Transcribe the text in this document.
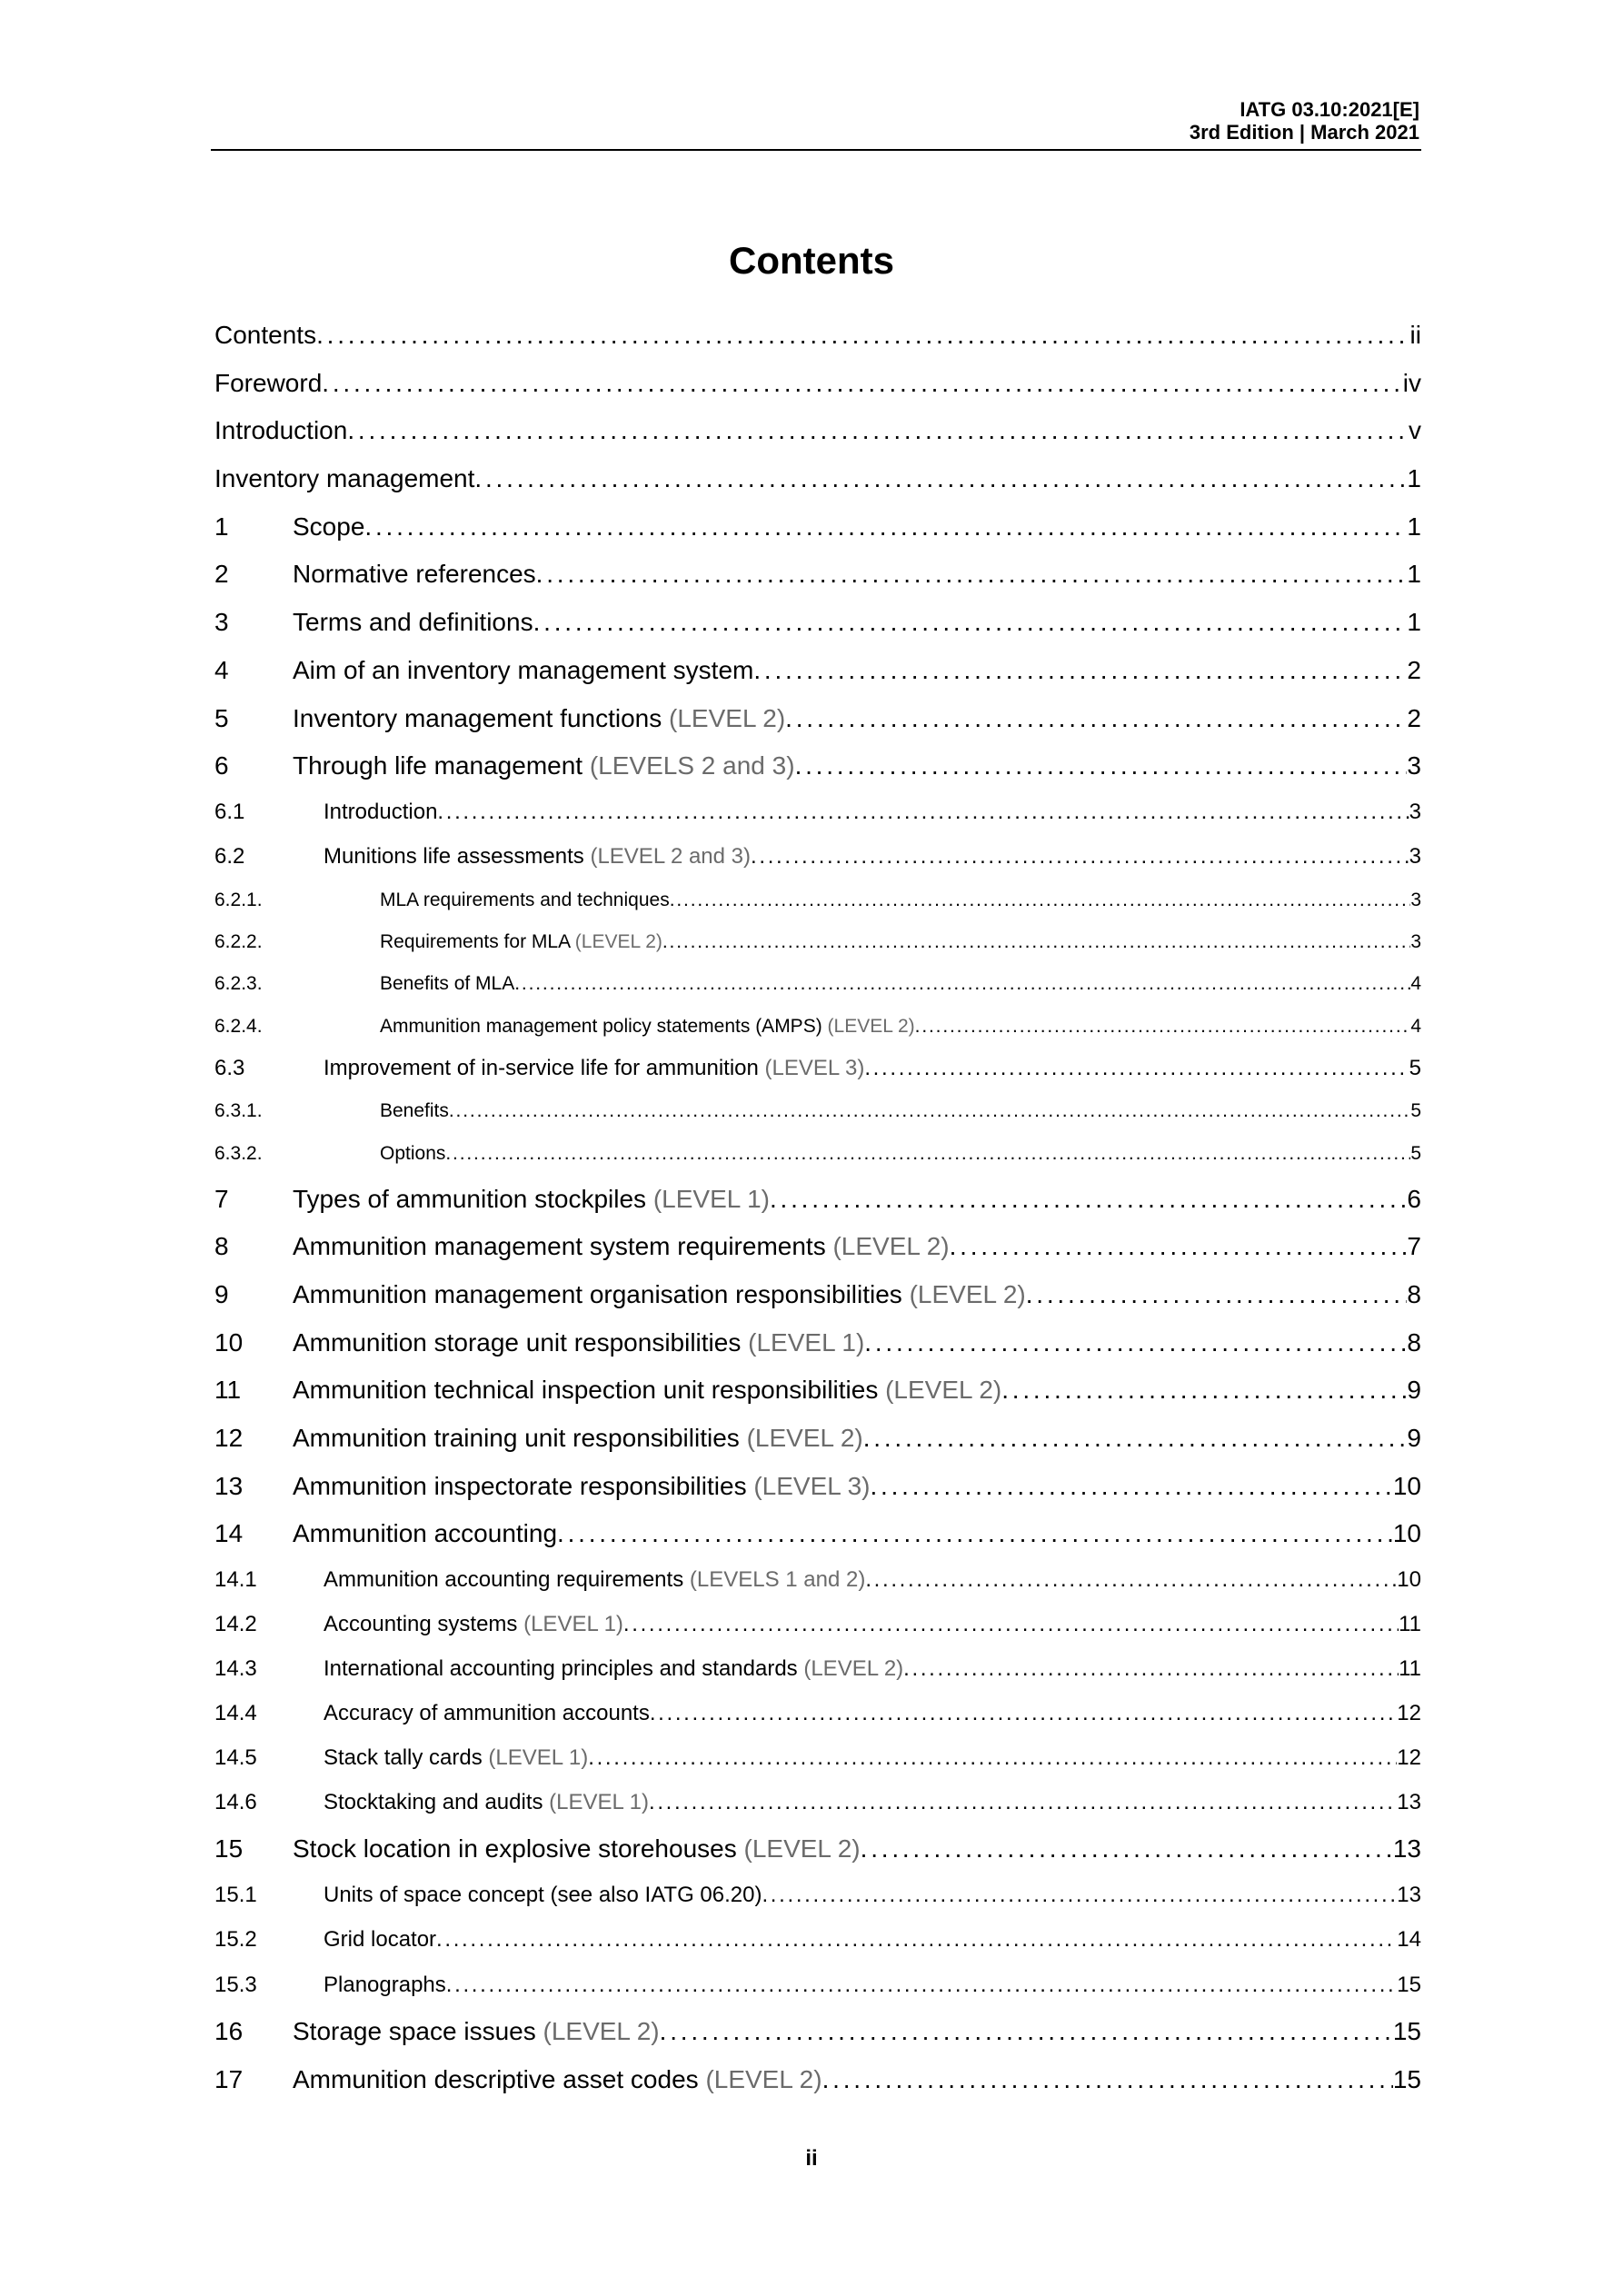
IATG 03.10:2021[E]
3rd Edition | March 2021
Contents
Contents . . .	ii
Foreword . . .	iv
Introduction . . .	v
Inventory management . . .	1
1	Scope . . .	1
2	Normative references . . .	1
3	Terms and definitions . . .	1
4	Aim of an inventory management system . . .	2
5	Inventory management functions (LEVEL 2) . . .	2
6	Through life management (LEVELS 2 and 3) . . .	3
6.1	Introduction . . .	3
6.2	Munitions life assessments (LEVEL 2 and 3) . . .	3
6.2.1.	MLA requirements and techniques . . .	3
6.2.2.	Requirements for MLA (LEVEL 2) . . .	3
6.2.3.	Benefits of MLA . . .	4
6.2.4.	Ammunition management policy statements (AMPS) (LEVEL 2) . . .	4
6.3	Improvement of in-service life for ammunition (LEVEL 3) . . .	5
6.3.1.	Benefits . . .	5
6.3.2.	Options . . .	5
7	Types of ammunition stockpiles (LEVEL 1) . . .	6
8	Ammunition management system requirements (LEVEL 2) . . .	7
9	Ammunition management organisation responsibilities (LEVEL 2) . . .	8
10	Ammunition storage unit responsibilities (LEVEL 1) . . .	8
11	Ammunition technical inspection unit responsibilities (LEVEL 2) . . .	9
12	Ammunition training unit responsibilities (LEVEL 2) . . .	9
13	Ammunition inspectorate responsibilities (LEVEL 3) . . .	10
14	Ammunition accounting . . .	10
14.1	Ammunition accounting requirements (LEVELS 1 and 2) . . .	10
14.2	Accounting systems (LEVEL 1) . . .	11
14.3	International accounting principles and standards (LEVEL 2) . . .	11
14.4	Accuracy of ammunition accounts . . .	12
14.5	Stack tally cards (LEVEL 1) . . .	12
14.6	Stocktaking and audits (LEVEL 1) . . .	13
15	Stock location in explosive storehouses (LEVEL 2) . . .	13
15.1	Units of space concept (see also IATG 06.20) . . .	13
15.2	Grid locator . . .	14
15.3	Planographs . . .	15
16	Storage space issues (LEVEL 2) . . .	15
17	Ammunition descriptive asset codes (LEVEL 2) . . .	15
ii
